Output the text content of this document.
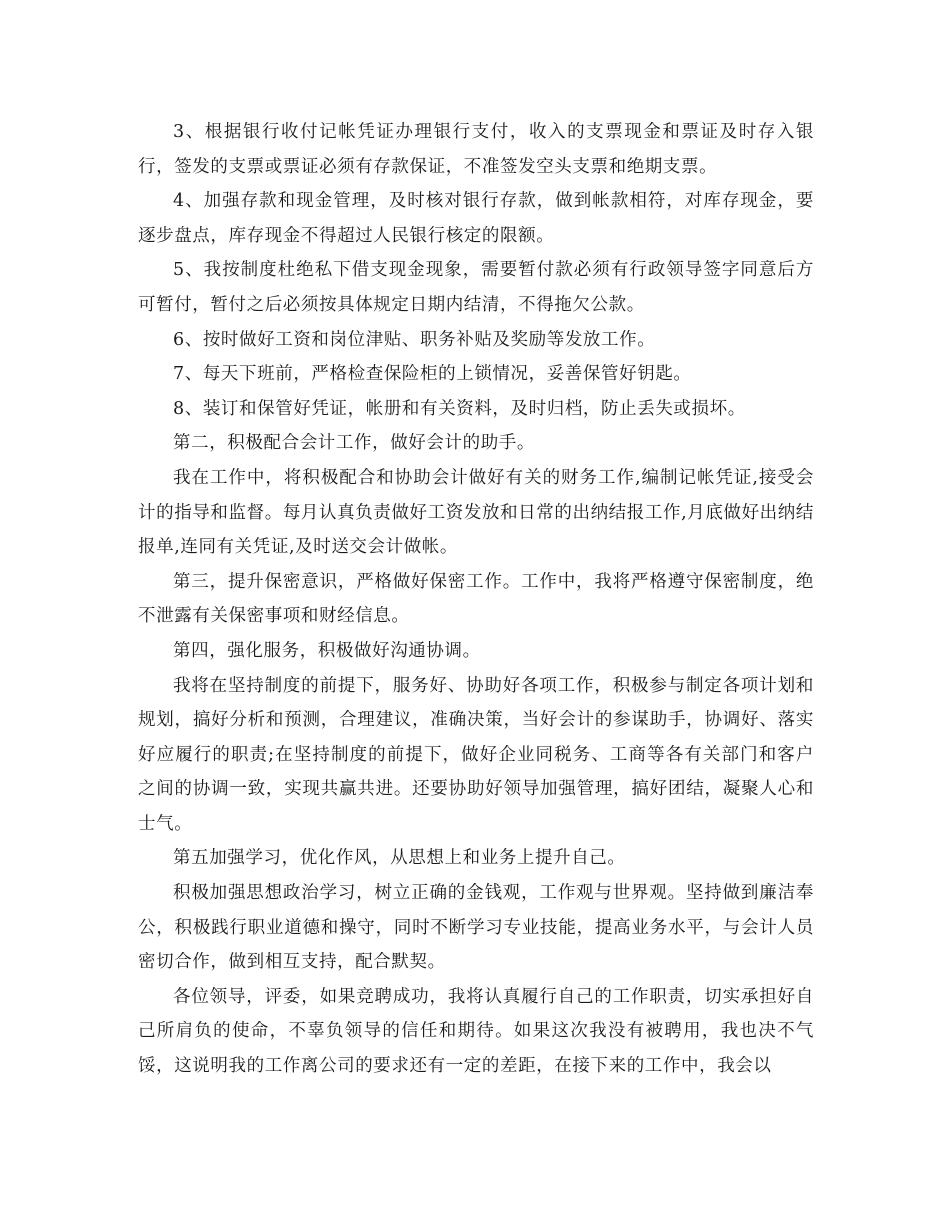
3、根据银行收付记帐凭证办理银行支付，收入的支票现金和票证及时存入银行，签发的支票或票证必须有存款保证，不准签发空头支票和绝期支票。

4、加强存款和现金管理，及时核对银行存款，做到帐款相符，对库存现金，要逐步盘点，库存现金不得超过人民银行核定的限额。

5、我按制度杜绝私下借支现金现象，需要暂付款必须有行政领导签字同意后方可暂付，暂付之后必须按具体规定日期内结清，不得拖欠公款。

6、按时做好工资和岗位津贴、职务补贴及奖励等发放工作。

7、每天下班前，严格检查保险柜的上锁情况，妥善保管好钥匙。

8、装订和保管好凭证，帐册和有关资料，及时归档，防止丢失或损坏。

第二，积极配合会计工作，做好会计的助手。

我在工作中，将积极配合和协助会计做好有关的财务工作,编制记帐凭证,接受会计的指导和监督。每月认真负责做好工资发放和日常的出纳结报工作,月底做好出纳结报单,连同有关凭证,及时送交会计做帐。

第三，提升保密意识，严格做好保密工作。工作中，我将严格遵守保密制度，绝不泄露有关保密事项和财经信息。

第四，强化服务，积极做好沟通协调。

我将在坚持制度的前提下，服务好、协助好各项工作，积极参与制定各项计划和规划，搞好分析和预测，合理建议，准确决策，当好会计的参谋助手，协调好、落实好应履行的职责;在坚持制度的前提下，做好企业同税务、工商等各有关部门和客户之间的协调一致，实现共赢共进。还要协助好领导加强管理，搞好团结，凝聚人心和士气。

第五加强学习，优化作风，从思想上和业务上提升自己。

积极加强思想政治学习，树立正确的金钱观，工作观与世界观。坚持做到廉洁奉公，积极践行职业道德和操守，同时不断学习专业技能，提高业务水平，与会计人员密切合作，做到相互支持，配合默契。

各位领导，评委，如果竞聘成功，我将认真履行自己的工作职责，切实承担好自己所肩负的使命，不辜负领导的信任和期待。如果这次我没有被聘用，我也决不气馁，这说明我的工作离公司的要求还有一定的差距，在接下来的工作中，我会以
